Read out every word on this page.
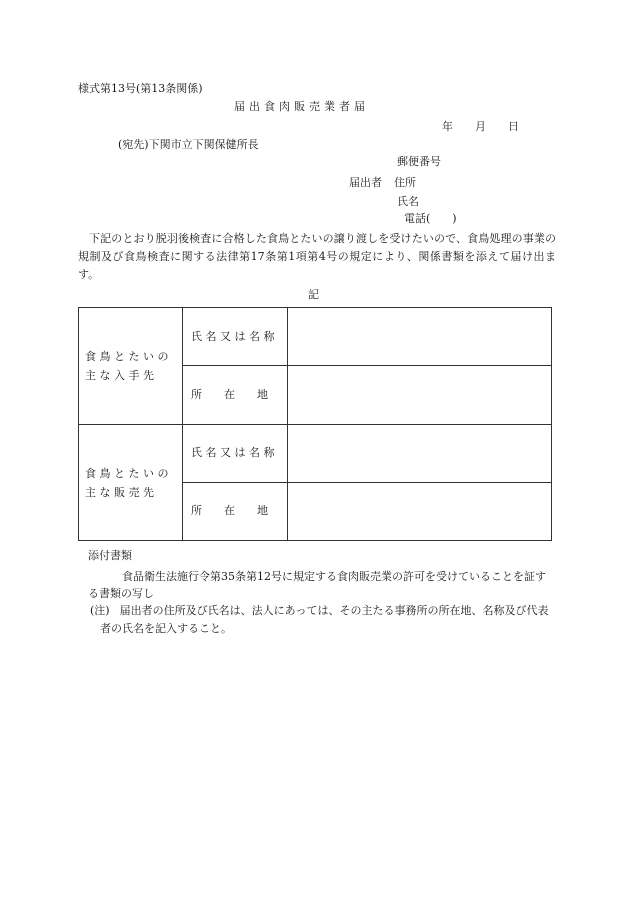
様式第13号(第13条関係)
届出食肉販売業者届
年 月 日
(宛先)下関市立下関保健所長
郵便番号
届出者 住所
氏名
電話(　　)
下記のとおり脱羽後検査に合格した食鳥とたいの譲り渡しを受けたいので、食鳥処理の事業の規制及び食鳥検査に関する法律第17条第1項第4号の規定により、関係書類を添えて届け出ます。
記
食 鳥 と た い の
主 な 入 手 先
氏 名 又 は 名 称
所　　在　　地
食 鳥 と た い の
主 な 販 売 先
氏 名 又 は 名 称
所　　在　　地
添付書類
食品衛生法施行令第35条第12号に規定する食肉販売業の許可を受けていることを証する書類の写し
(注) 届出者の住所及び氏名は、法人にあっては、その主たる事務所の所在地、名称及び代表者の氏名を記入すること。
